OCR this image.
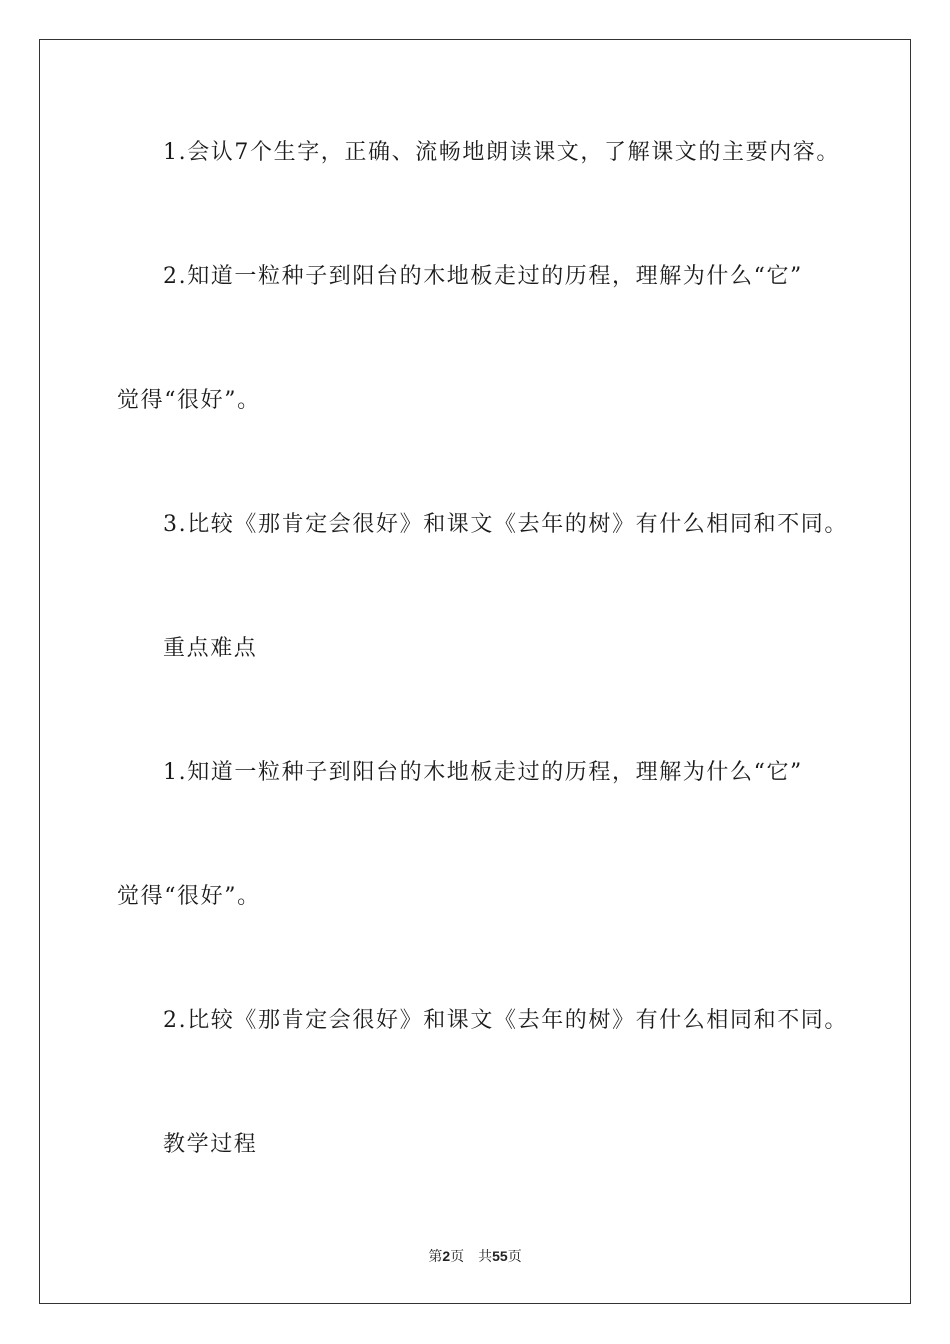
1.会认7个生字，正确、流畅地朗读课文，了解课文的主要内容。
2.知道一粒种子到阳台的木地板走过的历程，理解为什么“它”
觉得“很好”。
3.比较《那肯定会很好》和课文《去年的树》有什么相同和不同。
重点难点
1.知道一粒种子到阳台的木地板走过的历程，理解为什么“它”
觉得“很好”。
2.比较《那肯定会很好》和课文《去年的树》有什么相同和不同。
教学过程
第2页 共55页
